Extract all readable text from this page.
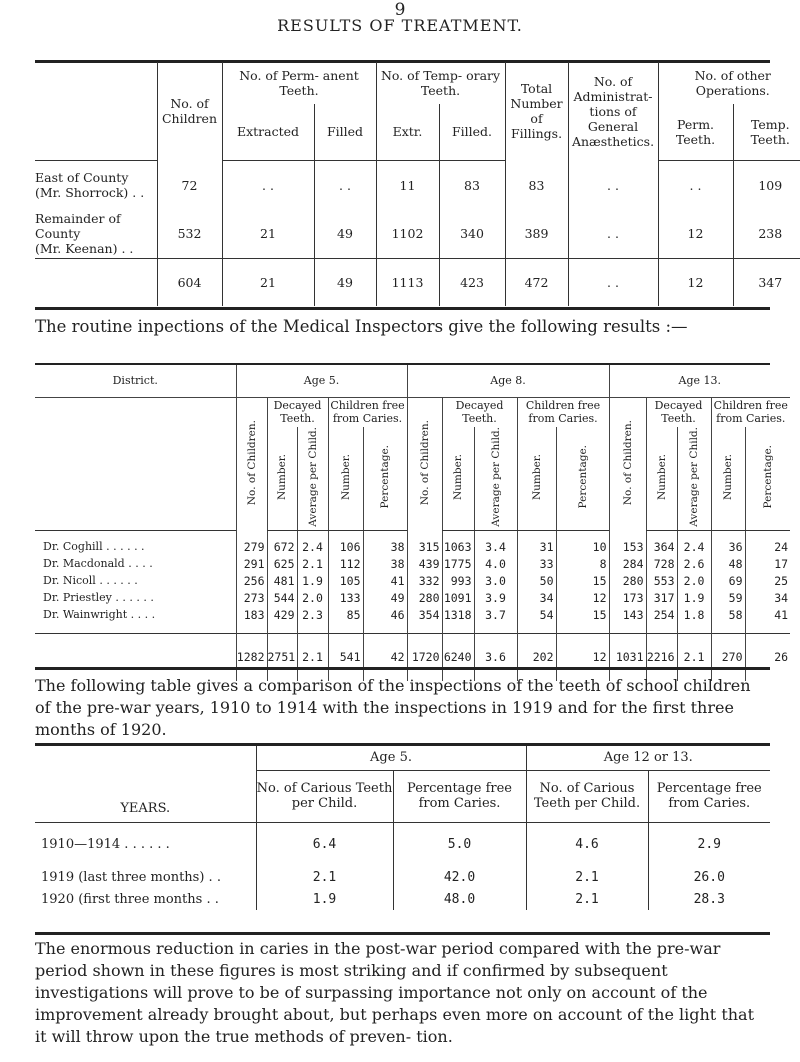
9
RESULTS OF TREATMENT.
	No. of Children	No. of Perm- anent Teeth.		No. of Temp- orary Teeth.		Total Number of Fillings.	No. of Administrat- tions of General Anæsthetics.	No. of other Operations.	
		Extracted	Filled	Extr.	Filled.			Perm. Teeth.	Temp. Teeth.
East of County
(Mr. Shorrock) . .	72	. .	. .	11	83	83	. .	. .	109
Remainder of County
(Mr. Keenan) . .	532	21	49	1102	340	389	. .	12	238
	604	21	49	1113	423	472	. .	12	347
The routine inpections of the Medical Inspectors give the following results :—
District.	Age 5.					Age 8.					Age 13.				
	No. of Children.	Decayed Teeth.		Children free from Caries.		No. of Children.	Decayed Teeth.		Children free from Caries.		No. of Children.	Decayed Teeth.		Children free from Caries.	
		Number.	Average per Child.	Number.	Percentage.		Number.	Average per Child.	Number.	Percentage.		Number.	Average per Child.	Number.	Percentage.

Dr. Coghill . . . . . .	279	672	2.4	106	38	315	1063	3.4	31	10	153	364	2.4	36	24
Dr. Macdonald . . . .	291	625	2.1	112	38	439	1775	4.0	33	8	284	728	2.6	48	17
Dr. Nicoll . . . . . .	256	481	1.9	105	41	332	993	3.0	50	15	280	553	2.0	69	25
Dr. Priestley . . . . . .	273	544	2.0	133	49	280	1091	3.9	34	12	173	317	1.9	59	34
Dr. Wainwright . . . .	183	429	2.3	85	46	354	1318	3.7	54	15	143	254	1.8	58	41

	1282	2751	2.1	541	42	1720	6240	3.6	202	12	1031	2216	2.1	270	26
The following table gives a comparison of the inspections of the teeth of school children of the pre-war years, 1910 to 1914 with the inspections in 1919 and for the first three months of 1920.
	Age 5.		Age 12 or 13.	
YEARS.	No. of Carious Teeth per Child.	Percentage free from Caries.	No. of Carious Teeth per Child.	Percentage free from Caries.
1910—1914 . . . . . .	6.4	5.0	4.6	2.9
1919 (last three months) . .	2.1	42.0	2.1	26.0
1920 (first three months . .	1.9	48.0	2.1	28.3
The enormous reduction in caries in the post-war period compared with the pre-war period shown in these figures is most striking and if confirmed by subsequent investigations will prove to be of surpassing importance not only on account of the improvement already brought about, but perhaps even more on account of the light that it will throw upon the true methods of preven- tion.
